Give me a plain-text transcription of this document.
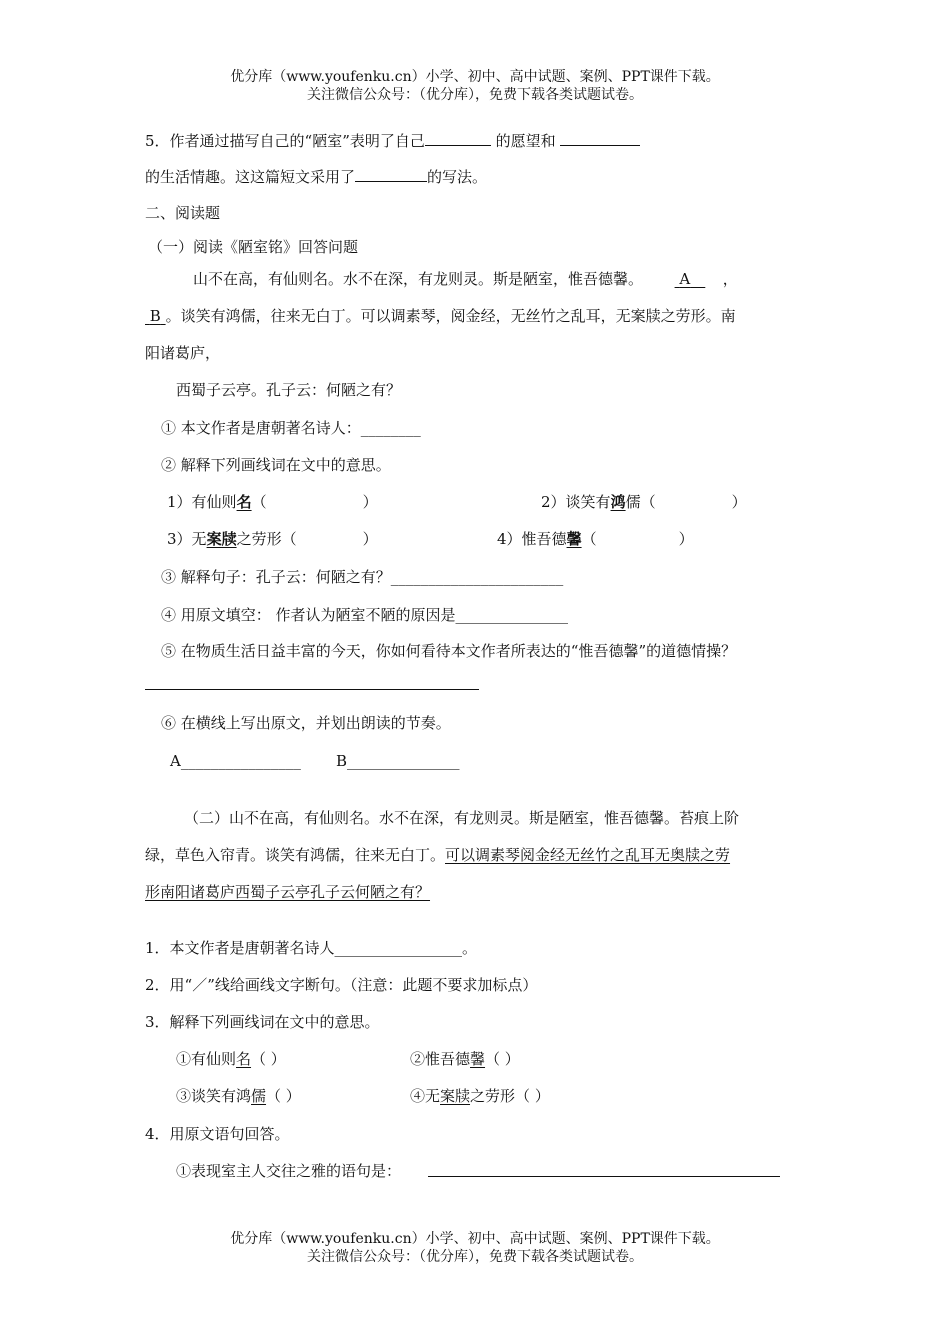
优分库（www.youfenku.cn）小学、初中、高中试题、案例、PPT课件下载。
关注微信公众号：（优分库），免费下载各类试题试卷。
5．作者通过描写自己的“陋室”表明了自己	的愿望和
的生活情趣。这这篇短文采用了	的写法。
二、阅读题
（一）阅读《陋室铭》回答问题
山不在高，有仙则名。水不在深，有龙则灵。斯是陋室，惟吾德馨。 A__ ，
B 。谈笑有鸿儒，往来无白丁。可以调素琴，阅金经，无丝竹之乱耳，无案牍之劳形。南
阳诸葛庐，
西蜀子云亭。孔子云：何陋之有？
① 本文作者是唐朝著名诗人：________
② 解释下列画线词在文中的意思。
1）有仙则名（	）	2）谈笑有鸿儒（	）
3）无案牍之劳形（	）	4）惟吾德馨（	）
③ 解释句子：孔子云：何陋之有？_______________________
④ 用原文填空： 作者认为陋室不陋的原因是_______________
⑤ 在物质生活日益丰富的今天，你如何看待本文作者所表达的“惟吾德馨”的道德情操？
⑥ 在横线上写出原文，并划出朗读的节奏。
A________________ B_______________
（二）山不在高，有仙则名。水不在深，有龙则灵。斯是陋室，惟吾德馨。苔痕上阶
绿，草色入帘青。谈笑有鸿儒，往来无白丁。可以调素琴阅金经无丝竹之乱耳无奥牍之劳
形南阳诸葛庐西蜀子云亭孔子云何陋之有？
1．本文作者是唐朝著名诗人_________________。
2．用“／”线给画线文字断句。（注意：此题不要求加标点）
3．解释下列画线词在文中的意思。
①有仙则名（ ）	②惟吾德馨（ ）
③谈笑有鸿儒（ ）	④无案牍之劳形（ ）
4．用原文语句回答。
①表现室主人交往之雅的语句是：
优分库（www.youfenku.cn）小学、初中、高中试题、案例、PPT课件下载。
关注微信公众号：（优分库），免费下载各类试题试卷。
